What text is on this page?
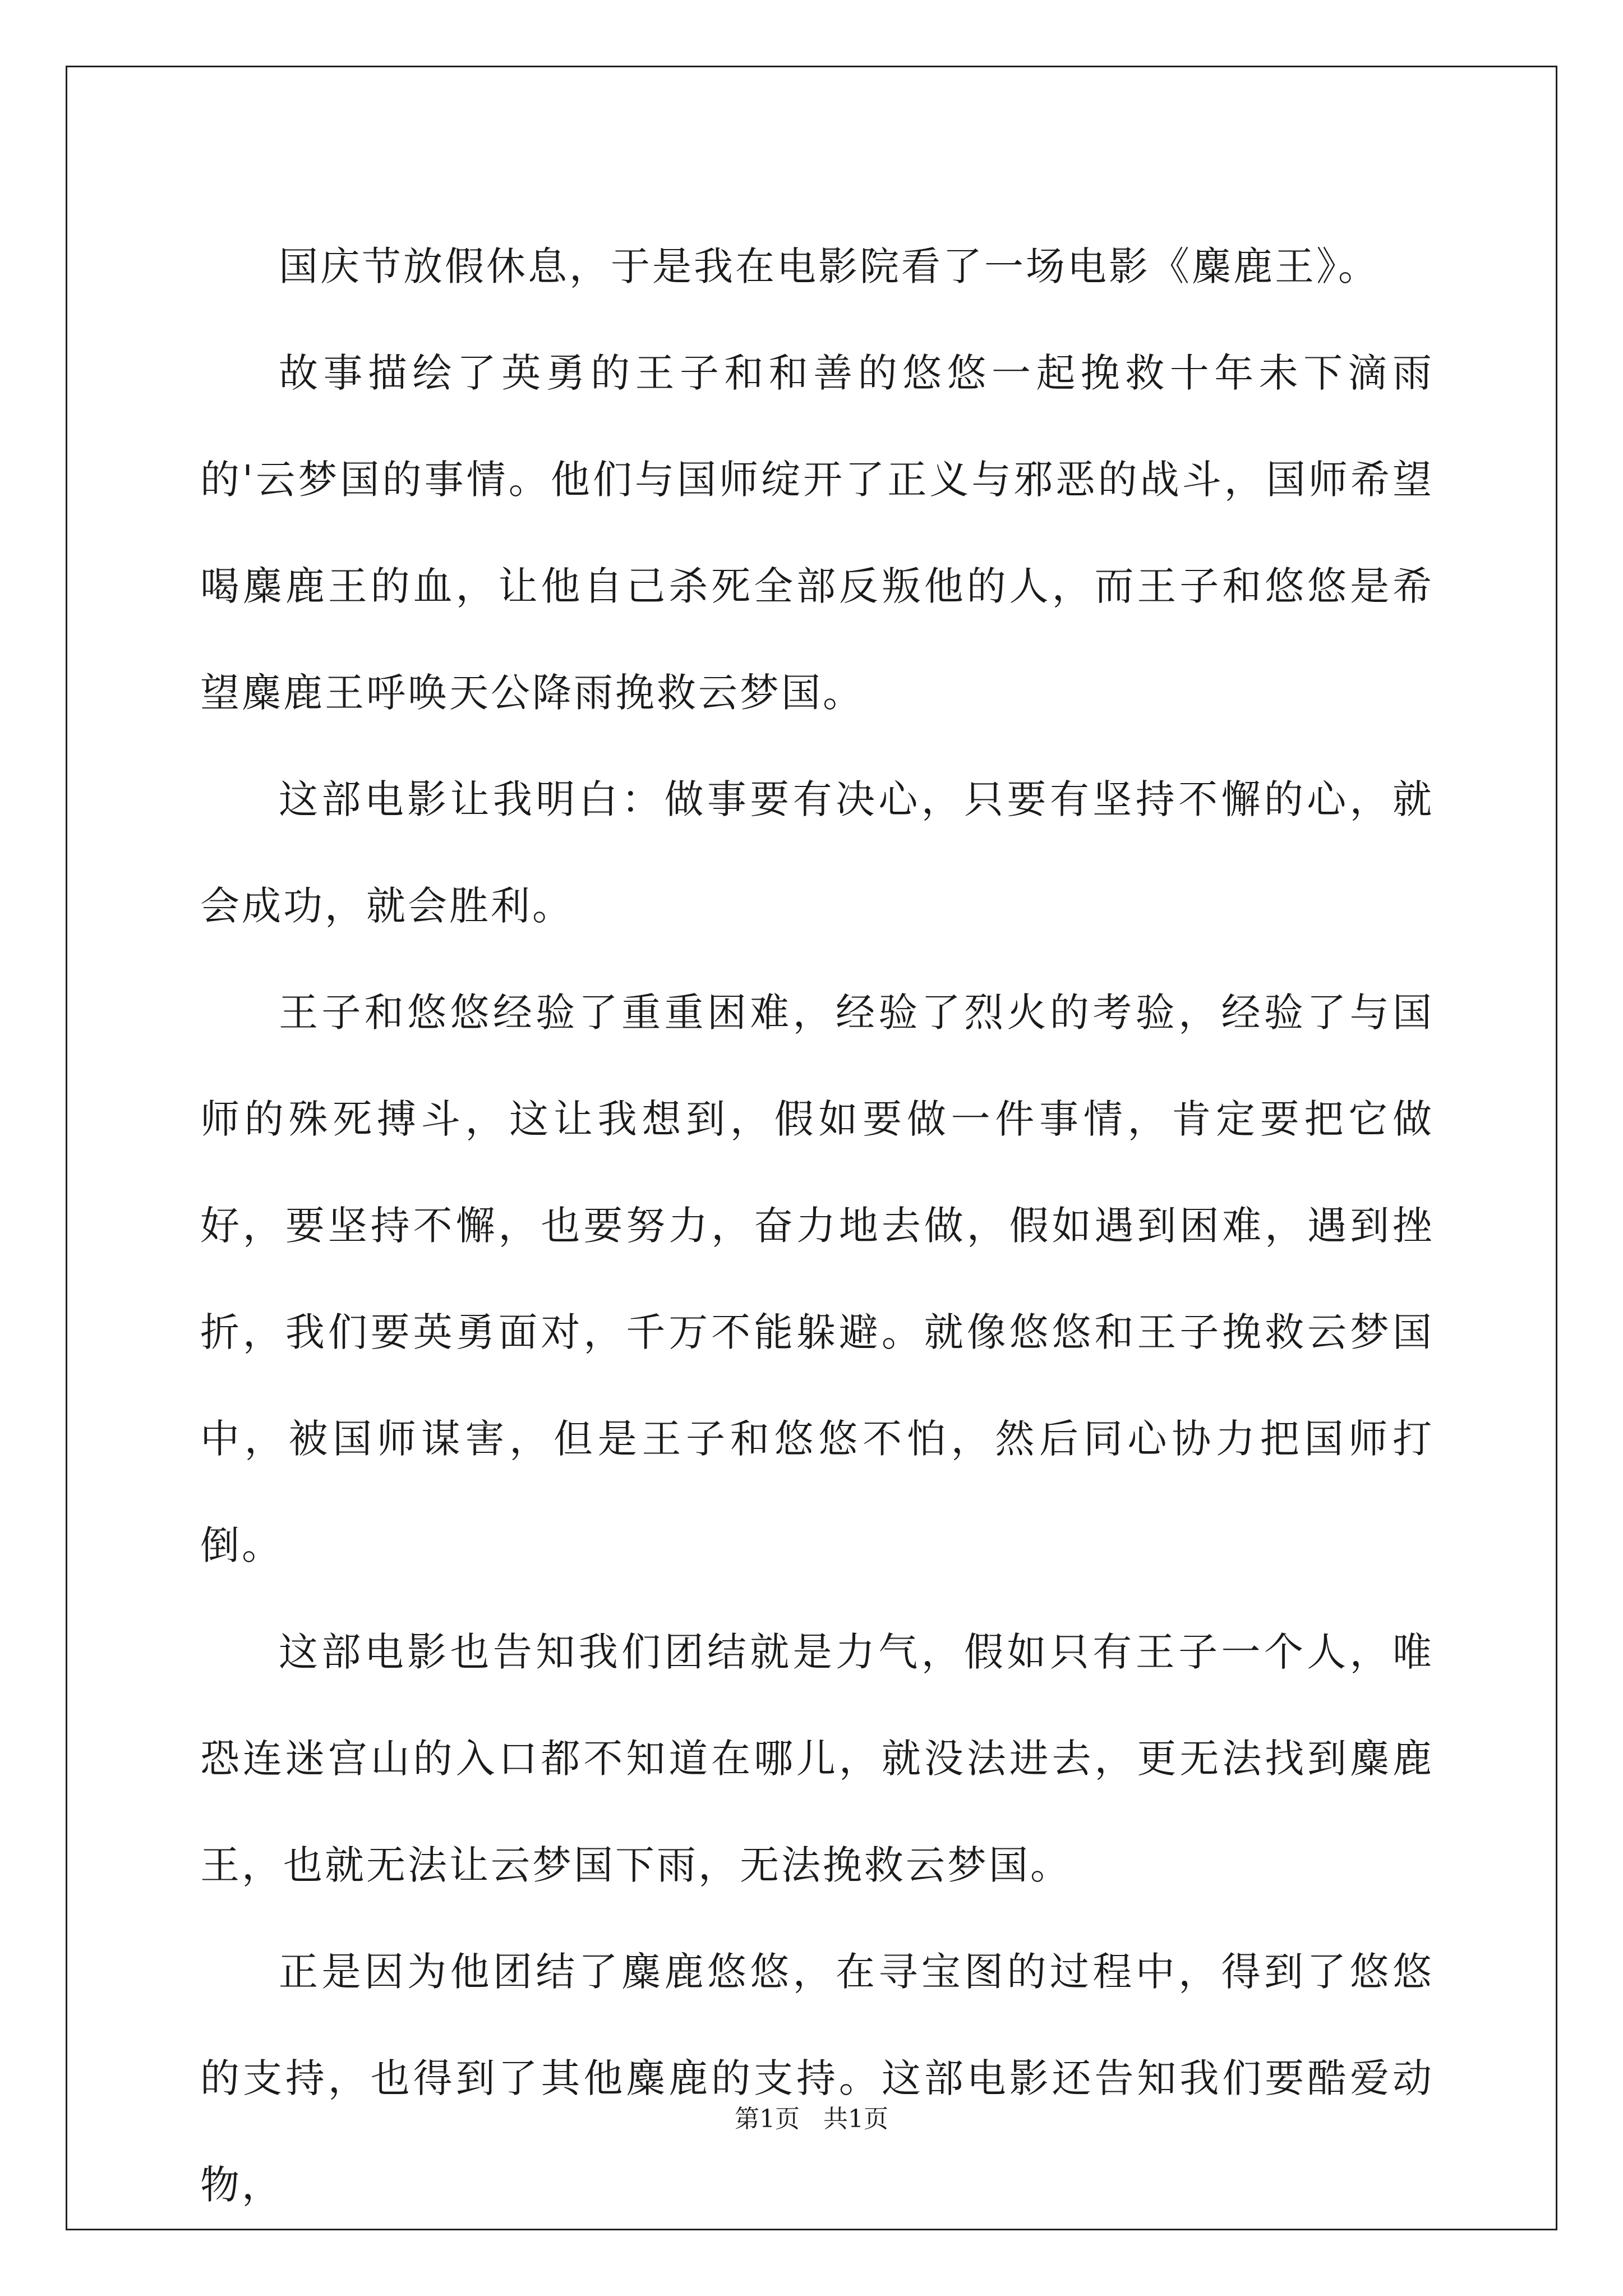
国庆节放假休息，于是我在电影院看了一场电影《麋鹿王》。

故事描绘了英勇的王子和和善的悠悠一起挽救十年未下滴雨的'云梦国的事情。他们与国师绽开了正义与邪恶的战斗，国师希望喝麋鹿王的血，让他自己杀死全部反叛他的人，而王子和悠悠是希望麋鹿王呼唤天公降雨挽救云梦国。

这部电影让我明白：做事要有决心，只要有坚持不懈的心，就会成功，就会胜利。

王子和悠悠经验了重重困难，经验了烈火的考验，经验了与国师的殊死搏斗，这让我想到，假如要做一件事情，肯定要把它做好，要坚持不懈，也要努力，奋力地去做，假如遇到困难，遇到挫折，我们要英勇面对，千万不能躲避。就像悠悠和王子挽救云梦国中，被国师谋害，但是王子和悠悠不怕，然后同心协力把国师打倒。

这部电影也告知我们团结就是力气，假如只有王子一个人，唯恐连迷宫山的入口都不知道在哪儿，就没法进去，更无法找到麋鹿王，也就无法让云梦国下雨，无法挽救云梦国。

正是因为他团结了麋鹿悠悠，在寻宝图的过程中，得到了悠悠的支持，也得到了其他麋鹿的支持。这部电影还告知我们要酷爱动物，

第1页   共1页
